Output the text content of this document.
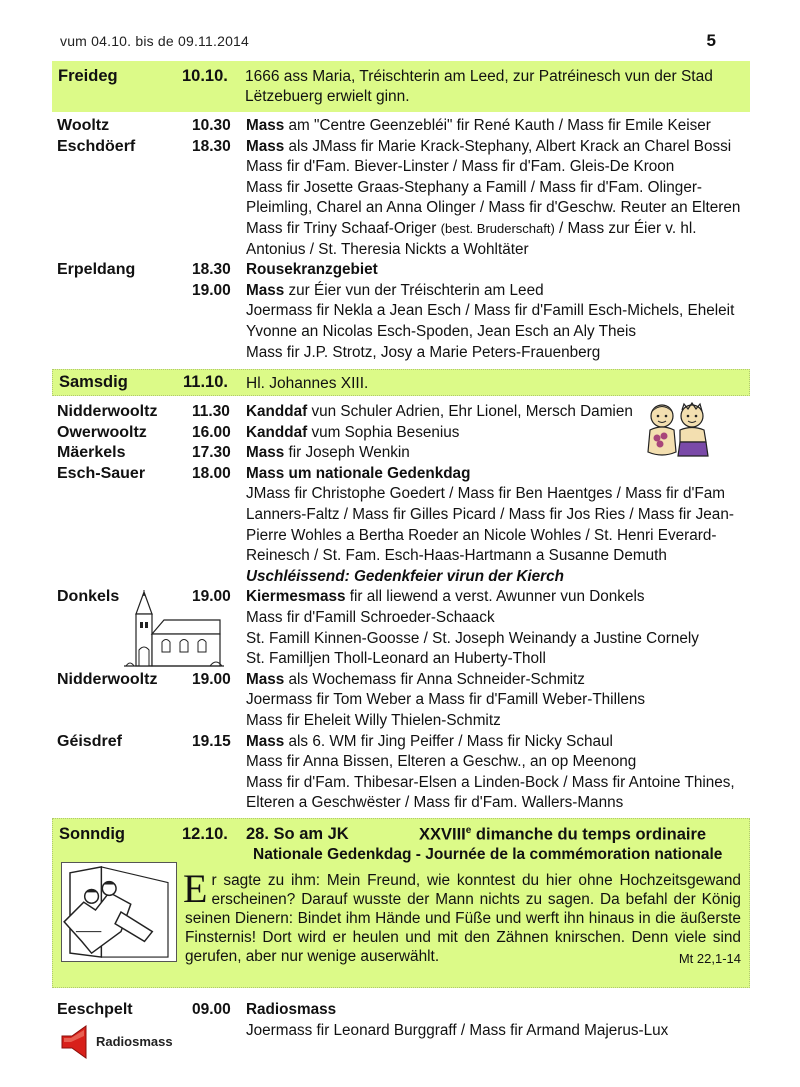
vum 04.10. bis de 09.11.2014	5
Freideg	10.10. 1666 ass Maria, Tréischterin am Leed, zur Patréinesch vun der Stad
Lëtzebuerg erwielt ginn.
Wooltz	10.30 Mass am "Centre Geenzebléi" fir René Kauth / Mass fir Emile Keiser
Eschdöerf	18.30 Mass als JMass fir Marie Krack-Stephany, Albert Krack an Charel Bossi
Mass fir d'Fam. Biever-Linster / Mass fir d'Fam. Gleis-De Kroon
Mass fir Josette Graas-Stephany a Famill / Mass fir d'Fam. Olinger-
Pleimling, Charel an Anna Olinger / Mass fir d'Geschw. Reuter an Elteren
Mass fir Triny Schaaf-Origer (best. Bruderschaft) / Mass zur Éier v. hl.
Antonius / St. Theresia Nickts a Wohltäter
Erpeldang	18.30 Rousekranzgebiet
19.00 Mass zur Éier vun der Tréischterin am Leed
Joermass fir Nekla a Jean Esch / Mass fir d'Famill Esch-Michels, Eheleit
Yvonne an Nicolas Esch-Spoden, Jean Esch an Aly Theis
Mass fir J.P. Strotz, Josy a Marie Peters-Frauenberg
Samsdig	11.10. Hl. Johannes XIII.
Nidderwooltz 11.30 Kanddaf vun Schuler Adrien, Ehr Lionel, Mersch Damien
Owerwooltz	16.00 Kanddaf vum Sophia Besenius
Mäerkels	17.30 Mass fir Joseph Wenkin
Esch-Sauer	18.00 Mass um nationale Gedenkdag
JMass fir Christophe Goedert / Mass fir Ben Haentges / Mass fir d'Fam
Lanners-Faltz / Mass fir Gilles Picard / Mass fir Jos Ries / Mass fir Jean-
Pierre Wohles a Bertha Roeder an Nicole Wohles / St. Henri Everard-
Reinesch / St. Fam. Esch-Haas-Hartmann a Susanne Demuth
Uschléissend: Gedenkfeier virun der Kierch
Donkels	19.00 Kiermesmass fir all liewend a verst. Awunner vun Donkels
Mass fir d'Famill Schroeder-Schaack
St. Famill Kinnen-Goosse / St. Joseph Weinandy a Justine Cornely
St. Familljen Tholl-Leonard an Huberty-Tholl
Nidderwooltz 19.00 Mass als Wochemass fir Anna Schneider-Schmitz
Joermass fir Tom Weber a Mass fir d'Famill Weber-Thillens
Mass fir Eheleit Willy Thielen-Schmitz
Géisdref	19.15 Mass als 6. WM fir Jing Peiffer / Mass fir Nicky Schaul
Mass fir Anna Bissen, Elteren a Geschw., an op Meenong
Mass fir d'Fam. Thibesar-Elsen a Linden-Bock / Mass fir Antoine Thines,
Elteren a Geschwëster / Mass fir d'Fam. Wallers-Manns
Sonndig	12.10. 28. So am JK	XXVIIIe dimanche du temps ordinaire
Nationale Gedenkdag - Journée de la commémoration nationale
Er sagte zu ihm: Mein Freund, wie konntest du hier ohne Hochzeitsgewand erscheinen? Darauf wusste der Mann nichts zu sagen. Da befahl der König seinen Dienern: Bindet ihm Hände und Füße und werft ihn hinaus in die äußerste Finsternis! Dort wird er heulen und mit den Zähnen knirschen. Denn viele sind gerufen, aber nur wenige auserwählt.	Mt 22,1-14
Eeschpelt	09.00 Radiosmass
Joermass fir Leonard Burggraff / Mass fir Armand Majerus-Lux
Radiosmass
